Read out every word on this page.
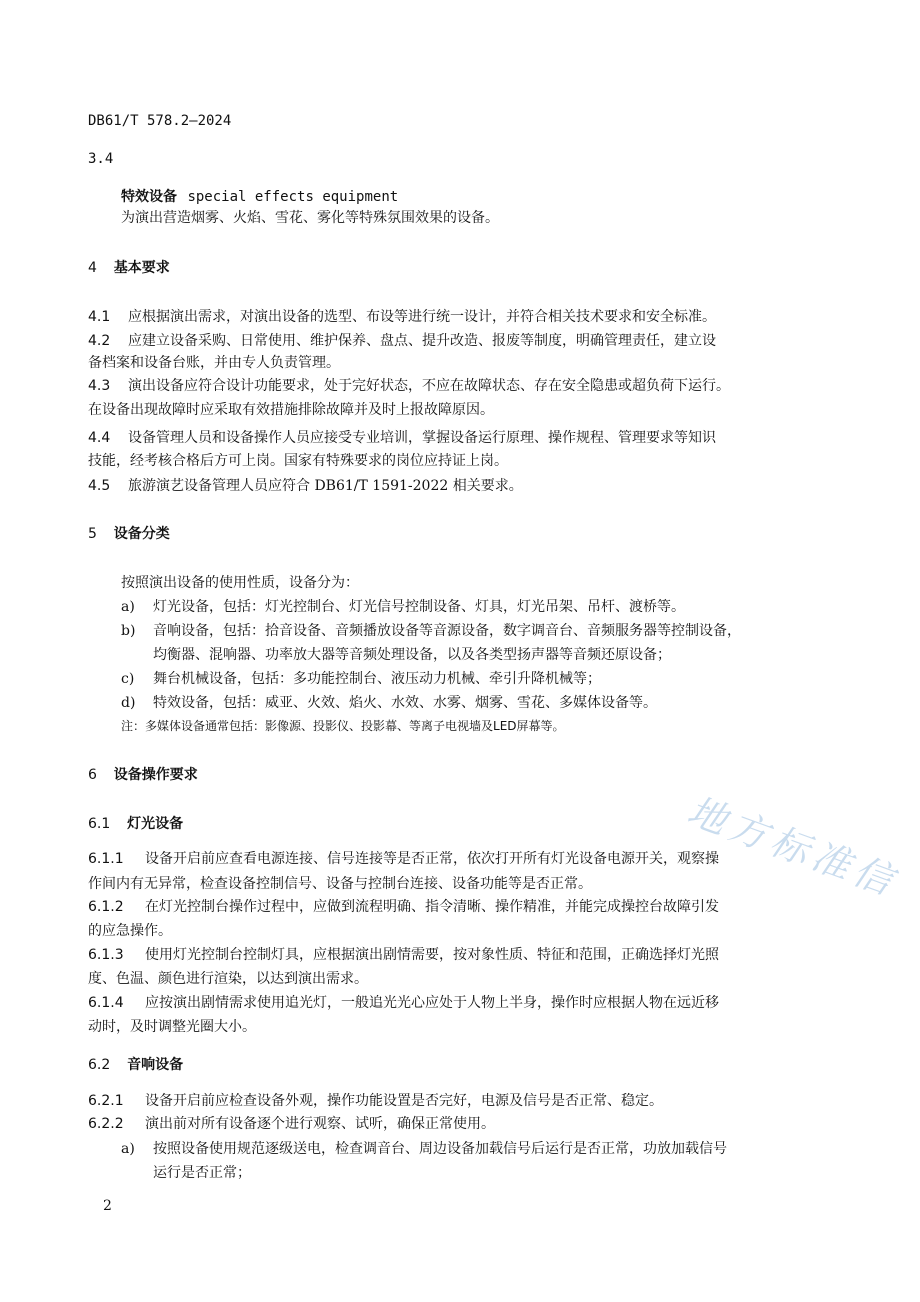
地方标准信
DB61/T 578.2—2024
3.4
特效设备 special effects equipment
为演出营造烟雾、火焰、雪花、雾化等特殊氛围效果的设备。
4 基本要求
4.1 应根据演出需求，对演出设备的选型、布设等进行统一设计，并符合相关技术要求和安全标准。
4.2 应建立设备采购、日常使用、维护保养、盘点、提升改造、报废等制度，明确管理责任，建立设
备档案和设备台账，并由专人负责管理。
4.3 演出设备应符合设计功能要求，处于完好状态，不应在故障状态、存在安全隐患或超负荷下运行。
在设备出现故障时应采取有效措施排除故障并及时上报故障原因。
4.4 设备管理人员和设备操作人员应接受专业培训，掌握设备运行原理、操作规程、管理要求等知识
技能，经考核合格后方可上岗。国家有特殊要求的岗位应持证上岗。
4.5 旅游演艺设备管理人员应符合 DB61/T 1591-2022 相关要求。
5 设备分类
按照演出设备的使用性质，设备分为：
a) 灯光设备，包括：灯光控制台、灯光信号控制设备、灯具，灯光吊架、吊杆、渡桥等。
b) 音响设备，包括：拾音设备、音频播放设备等音源设备，数字调音台、音频服务器等控制设备，
均衡器、混响器、功率放大器等音频处理设备，以及各类型扬声器等音频还原设备；
c) 舞台机械设备，包括：多功能控制台、液压动力机械、牵引升降机械等；
d) 特效设备，包括：威亚、火效、焰火、水效、水雾、烟雾、雪花、多媒体设备等。
注：多媒体设备通常包括：影像源、投影仪、投影幕、等离子电视墙及LED屏幕等。
6 设备操作要求
6.1 灯光设备
6.1.1 设备开启前应查看电源连接、信号连接等是否正常，依次打开所有灯光设备电源开关，观察操
作间内有无异常，检查设备控制信号、设备与控制台连接、设备功能等是否正常。
6.1.2 在灯光控制台操作过程中，应做到流程明确、指令清晰、操作精准，并能完成操控台故障引发
的应急操作。
6.1.3 使用灯光控制台控制灯具，应根据演出剧情需要，按对象性质、特征和范围，正确选择灯光照
度、色温、颜色进行渲染，以达到演出需求。
6.1.4 应按演出剧情需求使用追光灯，一般追光光心应处于人物上半身，操作时应根据人物在远近移
动时，及时调整光圈大小。
6.2 音响设备
6.2.1 设备开启前应检查设备外观，操作功能设置是否完好，电源及信号是否正常、稳定。
6.2.2 演出前对所有设备逐个进行观察、试听，确保正常使用。
a) 按照设备使用规范逐级送电，检查调音台、周边设备加载信号后运行是否正常，功放加载信号
运行是否正常；
2
